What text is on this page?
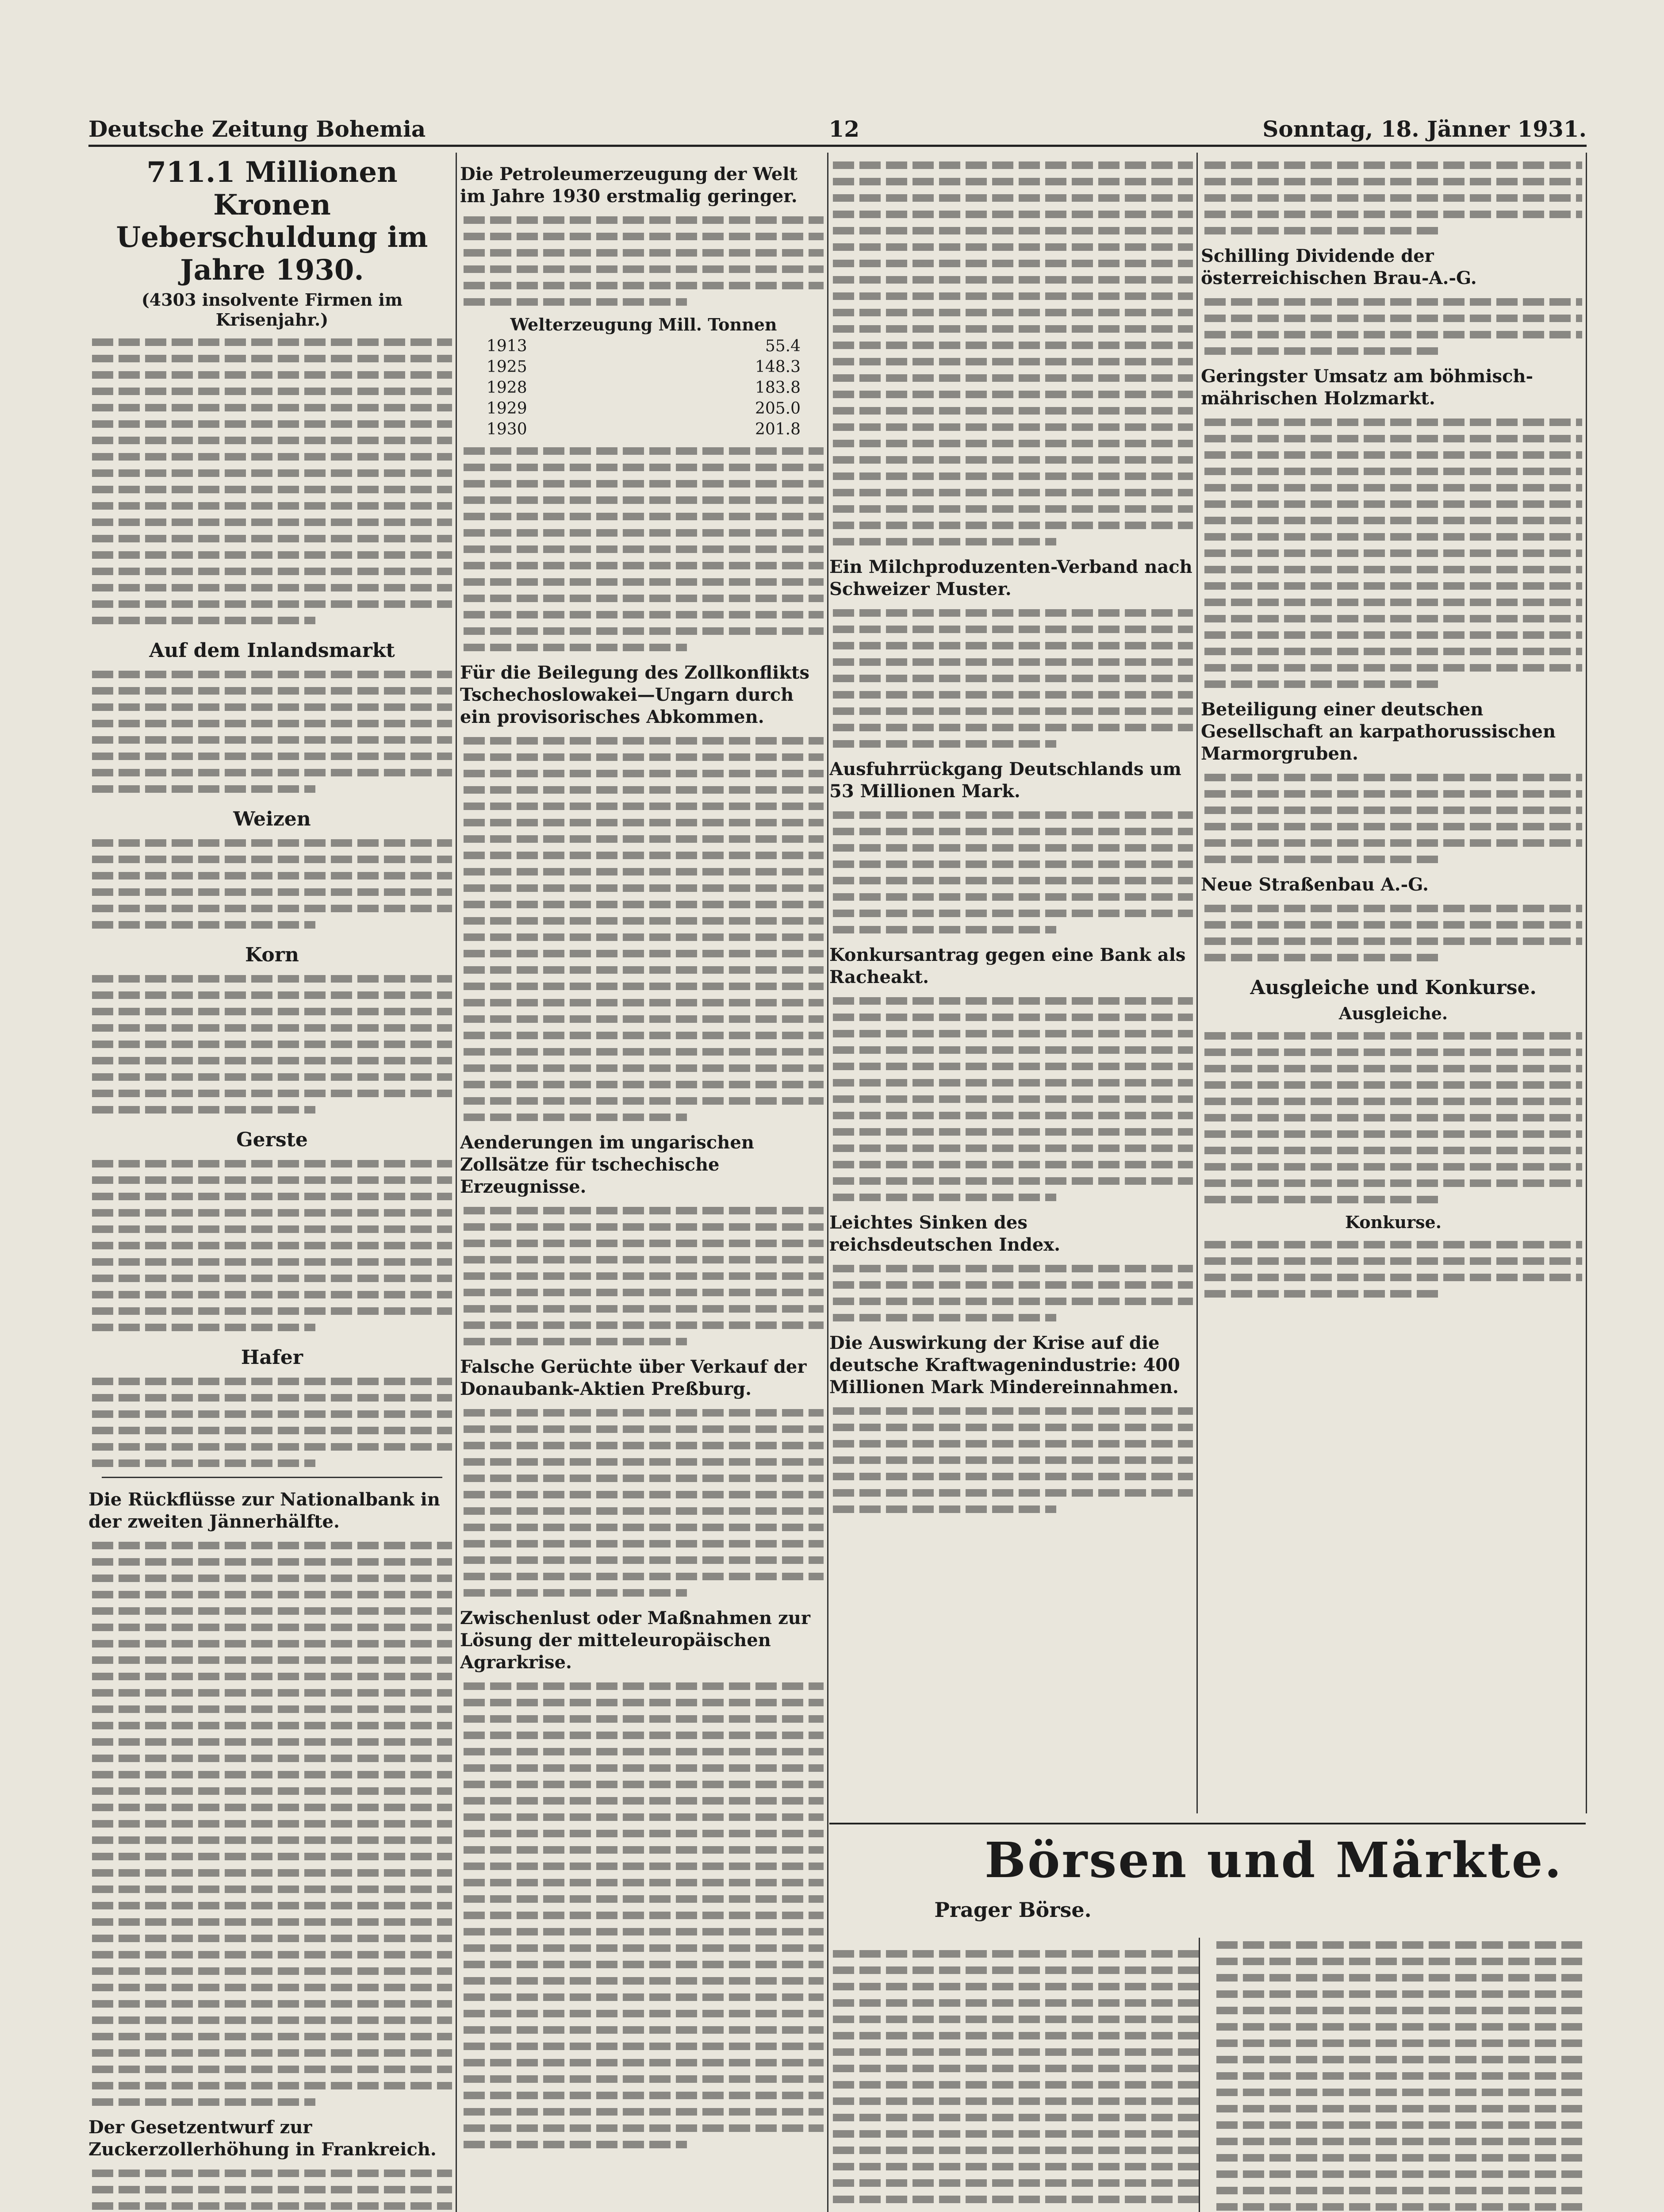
Deutsche Zeitung Bohemia	12	Sonntag, 18. Jänner 1931.
711.1 Millionen Kronen Ueberschuldung im Jahre 1930.
(4303 insolvente Firmen im Krisenjahr.)
Auf dem Inlandsmarkt
Weizen
Korn
Gerste
Hafer
Die Rückflüsse zur Nationalbank in der zweiten Jännerhälfte.
Der Gesetzentwurf zur Zuckerzollerhöhung in Frankreich.
Die Petroleumerzeugung der Welt im Jahre 1930 erstmalig geringer.
Welterzeugung Mill. Tonnen
1913	55.4
1925	148.3
1928	183.8
1929	205.0
1930	201.8
Für die Beilegung des Zollkonflikts Tschechoslowakei—Ungarn durch ein provisorisches Abkommen.
Aenderungen im ungarischen Zollsätze für tschechische Erzeugnisse.
Falsche Gerüchte über Verkauf der Donaubank-Aktien Preßburg.
Zwischenlust oder Maßnahmen zur Lösung der mitteleuropäischen Agrarkrise.
Ein Milchproduzenten-Verband nach Schweizer Muster.
Ausfuhrrückgang Deutschlands um 53 Millionen Mark.
Konkursantrag gegen eine Bank als Racheakt.
Leichtes Sinken des reichsdeutschen Index.
Die Auswirkung der Krise auf die deutsche Kraftwagenindustrie: 400 Millionen Mark Mindereinnahmen.
Schilling Dividende der österreichischen Brau-A.-G.
Geringster Umsatz am böhmisch-mährischen Holzmarkt.
Beteiligung einer deutschen Gesellschaft an karpathorussischen Marmorgruben.
Neue Straßenbau A.-G.
Ausgleiche und Konkurse.
Ausgleiche.
Konkurse.
Börsen und Märkte.
Prager Börse.
